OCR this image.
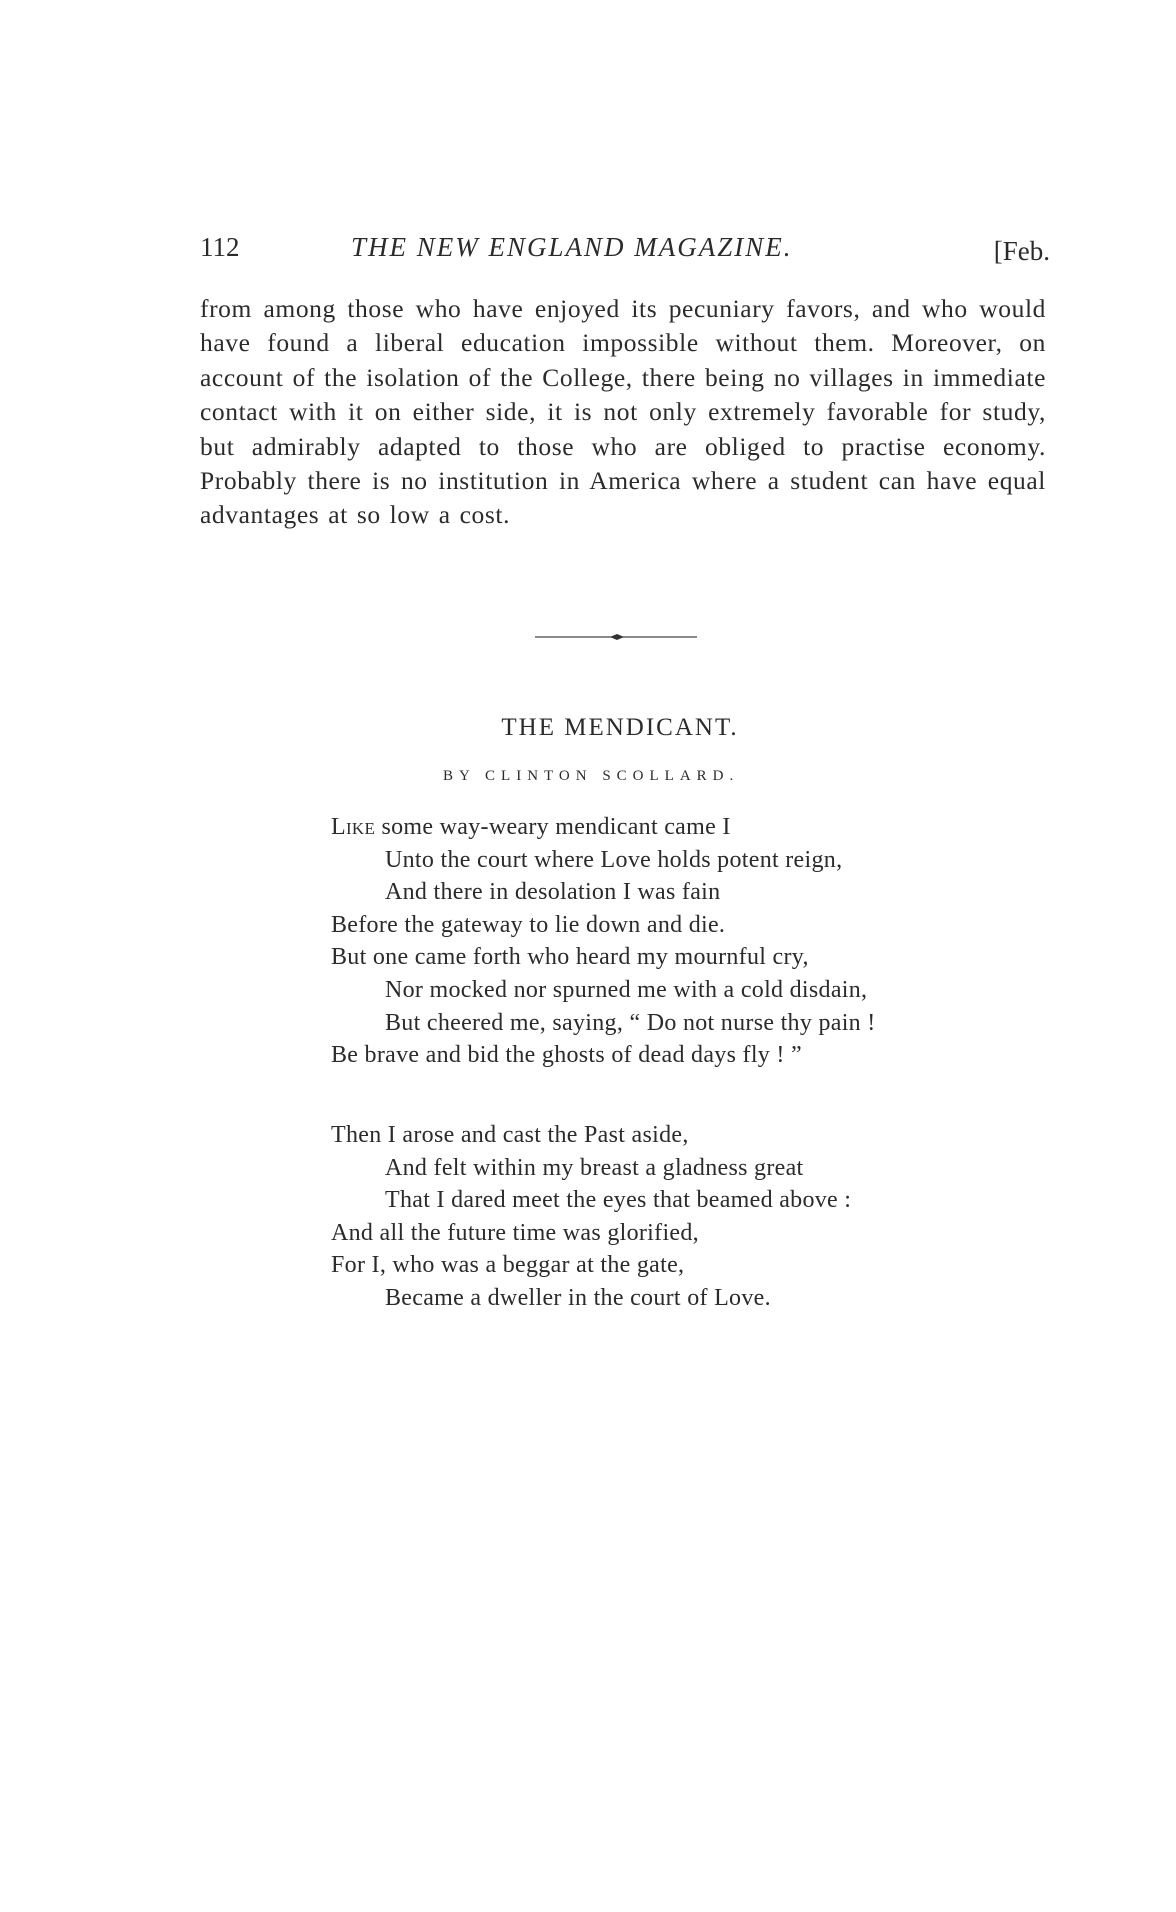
112	THE NEW ENGLAND MAGAZINE.	[Feb.

from among those who have enjoyed its pecuniary favors, and who would have found a liberal education impossible without them. Moreover, on account of the isolation of the College, there being no villages in immediate contact with it on either side, it is not only extremely favorable for study, but admirably adapted to those who are obliged to practise economy. Probably there is no institution in America where a student can have equal advantages at so low a cost.

THE MENDICANT.
BY CLINTON SCOLLARD.
Like some way-weary mendicant came I
Unto the court where Love holds potent reign,
And there in desolation I was fain
Before the gateway to lie down and die.
But one came forth who heard my mournful cry,
Nor mocked nor spurned me with a cold disdain,
But cheered me, saying, “ Do not nurse thy pain !
Be brave and bid the ghosts of dead days fly ! ”
Then I arose and cast the Past aside,
And felt within my breast a gladness great
That I dared meet the eyes that beamed above :
And all the future time was glorified,
For I, who was a beggar at the gate,
Became a dweller in the court of Love.
